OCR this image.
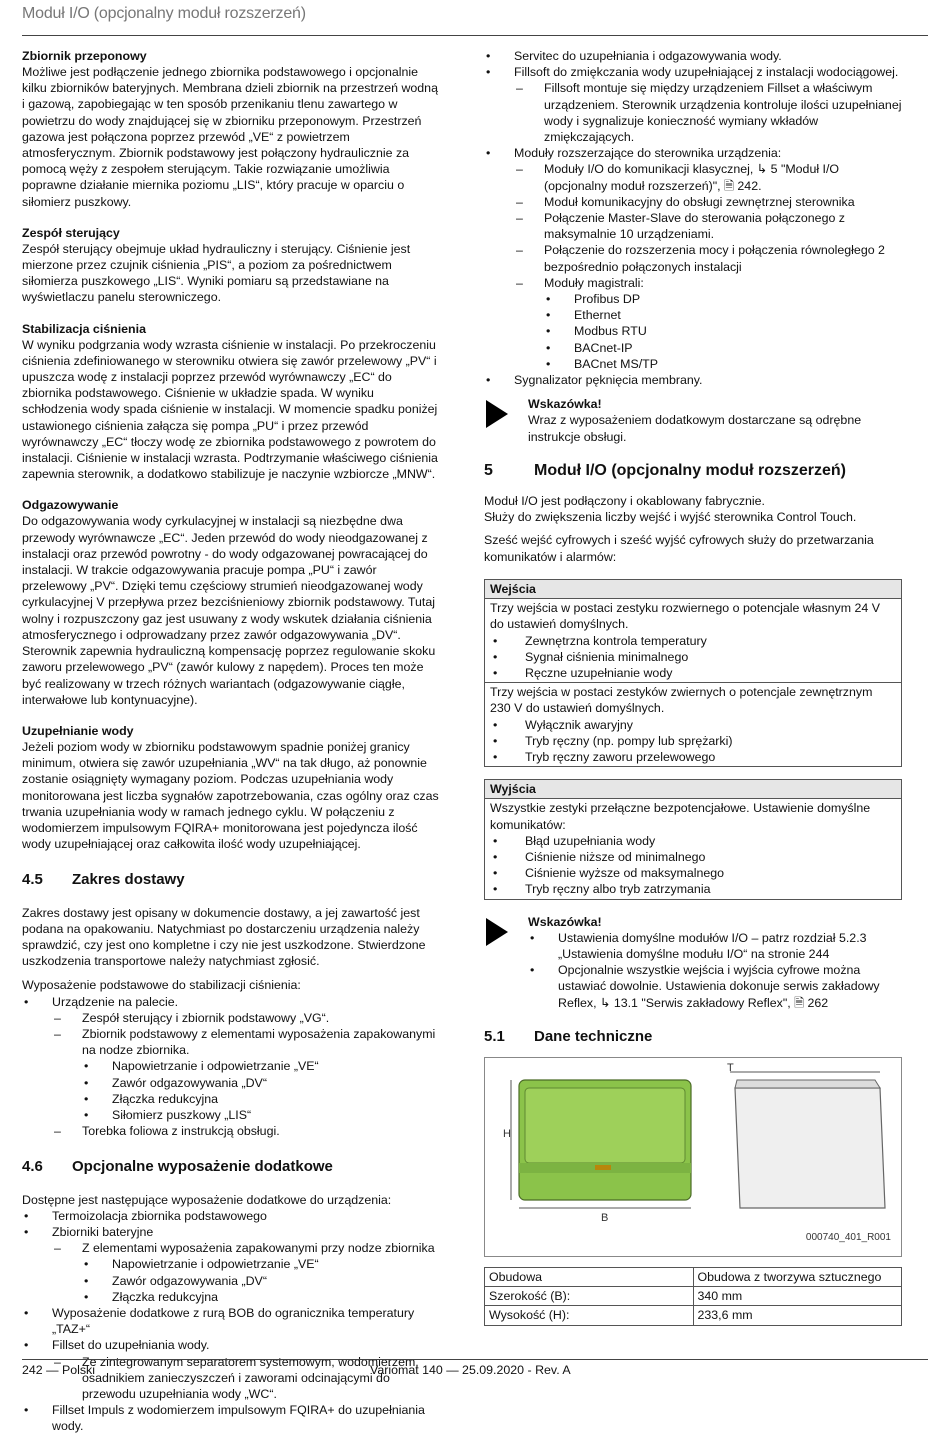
Moduł I/O (opcjonalny moduł rozszerzeń)
Zbiornik przeponowy

Możliwe jest podłączenie jednego zbiornika podstawowego i opcjonalnie kilku zbiorników bateryjnych. Membrana dzieli zbiornik na przestrzeń wodną i gazową, zapobiegając w ten sposób przenikaniu tlenu zawartego w powietrzu do wody znajdującej się w zbiorniku przeponowym. Przestrzeń gazowa jest połączona poprzez przewód „VE“ z powietrzem atmosferycznym. Zbiornik podstawowy jest połączony hydraulicznie za pomocą węży z zespołem sterującym. Takie rozwiązanie umożliwia poprawne działanie miernika poziomu „LIS“, który pracuje w oparciu o siłomierz puszkowy.

Zespół sterujący

Zespół sterujący obejmuje układ hydrauliczny i sterujący. Ciśnienie jest mierzone przez czujnik ciśnienia „PIS“, a poziom za pośrednictwem siłomierza puszkowego „LIS“. Wyniki pomiaru są przedstawiane na wyświetlaczu panelu sterowniczego.

Stabilizacja ciśnienia

W wyniku podgrzania wody wzrasta ciśnienie w instalacji. Po przekroczeniu ciśnienia zdefiniowanego w sterowniku otwiera się zawór przelewowy „PV“ i upuszcza wodę z instalacji poprzez przewód wyrównawczy „EC“ do zbiornika podstawowego. Ciśnienie w układzie spada. W wyniku schłodzenia wody spada ciśnienie w instalacji. W momencie spadku poniżej ustawionego ciśnienia załącza się pompa „PU“ i przez przewód wyrównawczy „EC“ tłoczy wodę ze zbiornika podstawowego z powrotem do instalacji. Ciśnienie w instalacji wzrasta. Podtrzymanie właściwego ciśnienia zapewnia sterownik, a dodatkowo stabilizuje je naczynie wzbiorcze „MNW“.

Odgazowywanie

Do odgazowywania wody cyrkulacyjnej w instalacji są niezbędne dwa przewody wyrównawcze „EC“. Jeden przewód do wody nieodgazowanej z instalacji oraz przewód powrotny - do wody odgazowanej powracającej do instalacji. W trakcie odgazowywania pracuje pompa „PU“ i zawór przelewowy „PV“. Dzięki temu częściowy strumień nieodgazowanej wody cyrkulacyjnej V przepływa przez bezciśnieniowy zbiornik podstawowy. Tutaj wolny i rozpuszczony gaz jest usuwany z wody wskutek działania ciśnienia atmosferycznego i odprowadzany przez zawór odgazowywania „DV“. Sterownik zapewnia hydrauliczną kompensację poprzez regulowanie skoku zaworu przelewowego „PV“ (zawór kulowy z napędem). Proces ten może być realizowany w trzech różnych wariantach (odgazowywanie ciągłe, interwałowe lub kontynuacyjne).

Uzupełnianie wody

Jeżeli poziom wody w zbiorniku podstawowym spadnie poniżej granicy minimum, otwiera się zawór uzupełniania „WV“ na tak długo, aż ponownie zostanie osiągnięty wymagany poziom. Podczas uzupełniania wody monitorowana jest liczba sygnałów zapotrzebowania, czas ogólny oraz czas trwania uzupełniania wody w ramach jednego cyklu. W połączeniu z wodomierzem impulsowym FQIRA+ monitorowana jest pojedyncza ilość wody uzupełniającej oraz całkowita ilość wody uzupełniającej.

4.5	Zakres dostawy

Zakres dostawy jest opisany w dokumencie dostawy, a jej zawartość jest podana na opakowaniu. Natychmiast po dostarczeniu urządzenia należy sprawdzić, czy jest ono kompletne i czy nie jest uszkodzone. Stwierdzone uszkodzenia transportowe należy natychmiast zgłosić.

Wyposażenie podstawowe do stabilizacji ciśnienia:

• Urządzenie na palecie.
– Zespół sterujący i zbiornik podstawowy „VG“.
– Zbiornik podstawowy z elementami wyposażenia zapakowanymi na nodze zbiornika.
• Napowietrzanie i odpowietrzanie „VE“
• Zawór odgazowywania „DV“
• Złączka redukcyjna
• Siłomierz puszkowy „LIS“
– Torebka foliowa z instrukcją obsługi.
4.6	Opcjonalne wyposażenie dodatkowe

Dostępne jest następujące wyposażenie dodatkowe do urządzenia:

• Termoizolacja zbiornika podstawowego
• Zbiorniki bateryjne
– Z elementami wyposażenia zapakowanymi przy nodze zbiornika
• Napowietrzanie i odpowietrzanie „VE“
• Zawór odgazowywania „DV“
• Złączka redukcyjna
• Wyposażenie dodatkowe z rurą BOB do ogranicznika temperatury „TAZ+“
• Fillset do uzupełniania wody.
– Ze zintegrowanym separatorem systemowym, wodomierzem, osadnikiem zanieczyszczeń i zaworami odcinającymi do przewodu uzupełniania wody „WC“.
• Fillset Impuls z wodomierzem impulsowym FQIRA+ do uzupełniania wody.
• Servitec do uzupełniania i odgazowywania wody.
• Fillsoft do zmiękczania wody uzupełniającej z instalacji wodociągowej.
– Fillsoft montuje się między urządzeniem Fillset a właściwym urządzeniem. Sterownik urządzenia kontroluje ilości uzupełnianej wody i sygnalizuje konieczność wymiany wkładów zmiękczających.
• Moduły rozszerzające do sterownika urządzenia:
– Moduły I/O do komunikacji klasycznej, ↳ 5 "Moduł I/O (opcjonalny moduł rozszerzeń)", 🗎 242.
– Moduł komunikacyjny do obsługi zewnętrznej sterownika
– Połączenie Master-Slave do sterowania połączonego z maksymalnie 10 urządzeniami.
– Połączenie do rozszerzenia mocy i połączenia równoległego 2 bezpośrednio połączonych instalacji
– Moduły magistrali:
• Profibus DP
• Ethernet
• Modbus RTU
• BACnet-IP
• BACnet MS/TP
• Sygnalizator pęknięcia membrany.
Wskazówka!
Wraz z wyposażeniem dodatkowym dostarczane są odrębne instrukcje obsługi.
5	Moduł I/O (opcjonalny moduł rozszerzeń)

Moduł I/O jest podłączony i okablowany fabrycznie.

Służy do zwiększenia liczby wejść i wyjść sterownika Control Touch.

Sześć wejść cyfrowych i sześć wyjść cyfrowych służy do przetwarzania komunikatów i alarmów:

Wejścia
Trzy wejścia w postaci zestyku rozwiernego o potencjale własnym 24 V do ustawień domyślnych.
• Zewnętrzna kontrola temperatury
• Sygnał ciśnienia minimalnego
• Ręczne uzupełnianie wody
Trzy wejścia w postaci zestyków zwiernych o potencjale zewnętrznym 230 V do ustawień domyślnych.
• Wyłącznik awaryjny
• Tryb ręczny (np. pompy lub sprężarki)
• Tryb ręczny zaworu przelewowego
Wyjścia
Wszystkie zestyki przełączne bezpotencjałowe. Ustawienie domyślne komunikatów:
• Błąd uzupełniania wody
• Ciśnienie niższe od minimalnego
• Ciśnienie wyższe od maksymalnego
• Tryb ręczny albo tryb zatrzymania
Wskazówka!
• Ustawienia domyślne modułów I/O – patrz rozdział 5.2.3 „Ustawienia domyślne modułu I/O“ na stronie 244
• Opcjonalnie wszystkie wejścia i wyjścia cyfrowe można ustawiać dowolnie. Ustawienia dokonuje serwis zakładowy Reflex, ↳ 13.1 "Serwis zakładowy Reflex", 🗎 262
5.1	Dane techniczne
H
B
T
000740_401_R001
Obudowa	Obudowa z tworzywa sztucznego
Szerokość (B):	340 mm
Wysokość (H):	233,6 mm
242 — Polski	Variomat 140 — 25.09.2020 - Rev. A
